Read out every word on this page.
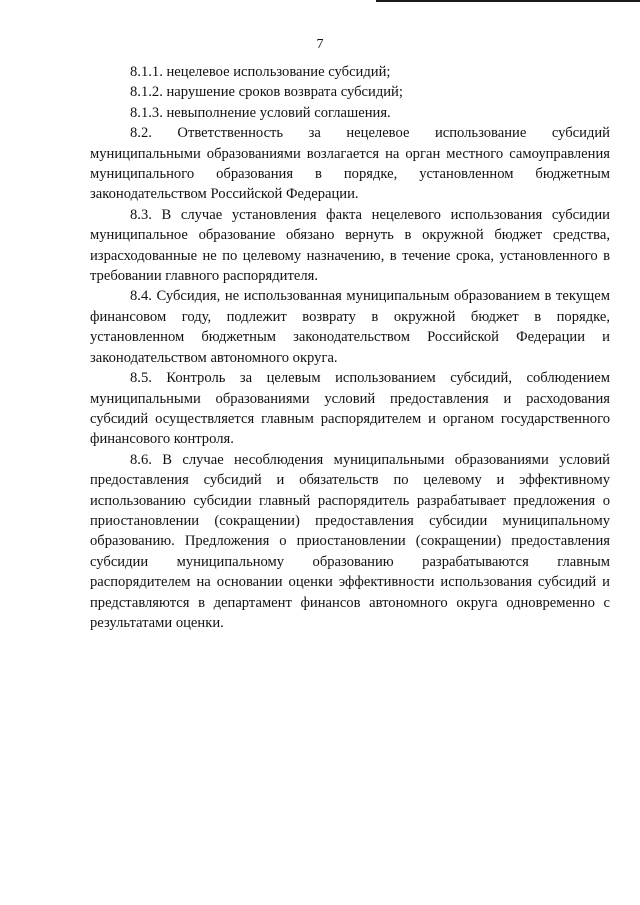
7

8.1.1. нецелевое использование субсидий;

8.1.2. нарушение сроков возврата субсидий;

8.1.3. невыполнение условий соглашения.

8.2. Ответственность за нецелевое использование субсидий муниципальными образованиями возлагается на орган местного самоуправления муниципального образования в порядке, установленном бюджетным законодательством Российской Федерации.

8.3. В случае установления факта нецелевого использования субсидии муниципальное образование обязано вернуть в окружной бюджет средства, израсходованные не по целевому назначению, в течение срока, установленного в требовании главного распорядителя.

8.4. Субсидия, не использованная муниципальным образованием в текущем финансовом году, подлежит возврату в окружной бюджет в порядке, установленном бюджетным законодательством Российской Федерации и законодательством автономного округа.

8.5. Контроль за целевым использованием субсидий, соблюдением муниципальными образованиями условий предоставления и расходования субсидий осуществляется главным распорядителем и органом государственного финансового контроля.

8.6. В случае несоблюдения муниципальными образованиями условий предоставления субсидий и обязательств по целевому и эффективному использованию субсидии главный распорядитель разрабатывает предложения о приостановлении (сокращении) предоставления субсидии муниципальному образованию. Предложения о приостановлении (сокращении) предоставления субсидии муниципальному образованию разрабатываются главным распорядителем на основании оценки эффективности использования субсидий и представляются в департамент финансов автономного округа одновременно с результатами оценки.
